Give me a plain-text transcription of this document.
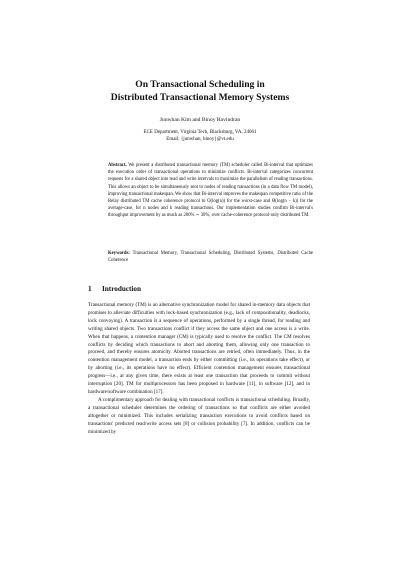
On Transactional Scheduling in
Distributed Transactional Memory Systems
Junwhan Kim and Binoy Ravindran
ECE Department, Virginia Tech, Blacksburg, VA, 24061
Email: {junwhan, binoy}@vt.edu
Abstract. We present a distributed transactional memory (TM) scheduler called Bi-interval that optimizes the execution order of transactional operations to minimize conflicts. Bi-interval categorizes concurrent requests for a shared object into read and write intervals to maximize the parallelism of reading transactions. This allows an object to be simultaneously sent to nodes of reading transactions (in a data flow TM model), improving transactional makespan. We show that Bi-interval improves the makespan competitive ratio of the Relay distributed TM cache coherence protocol to O(log(n)) for the worst-case and Θ(log(n − k)) for the average-case, for n nodes and k reading transactions. Our implementation studies confirm Bi-interval's throughput improvement by as much as 200% ∼ 30%, over cache-coherence protocol-only distributed TM.
Keywords: Transactional Memory, Transactional Scheduling, Distributed Systems, Distributed Cache Coherence
1 Introduction

Transactional memory (TM) is an alternative synchronization model for shared in-memory data objects that promises to alleviate difficulties with lock-based synchronization (e.g., lack of compositionality, deadlocks, lock convoying). A transaction is a sequence of operations, performed by a single thread, for reading and writing shared objects. Two transactions conflict if they access the same object and one access is a write. When that happens, a contention manager (CM) is typically used to resolve the conflict. The CM resolves conflicts by deciding which transactions to abort and aborting them, allowing only one transaction to proceed, and thereby ensures atomicity. Aborted transactions are retried, often immediately. Thus, in the contention management model, a transaction ends by either committing (i.e., its operations take effect), or by aborting (i.e., its operations have no effect). Efficient contention management ensures transactional progress—i.e., at any given time, there exists at least one transaction that proceeds to commit without interruption [20]. TM for multiprocessors has been proposed in hardware [11], in software [12], and in hardware/software combination [17].

A complimentary approach for dealing with transactional conflicts is transactional scheduling. Broadly, a transactional scheduler determines the ordering of transactions so that conflicts are either avoided altogether or minimized. This includes serializing transaction executions to avoid conflicts based on transactions' predicted read/write access sets [8] or collision probability [7]. In addition, conflicts can be minimized by
